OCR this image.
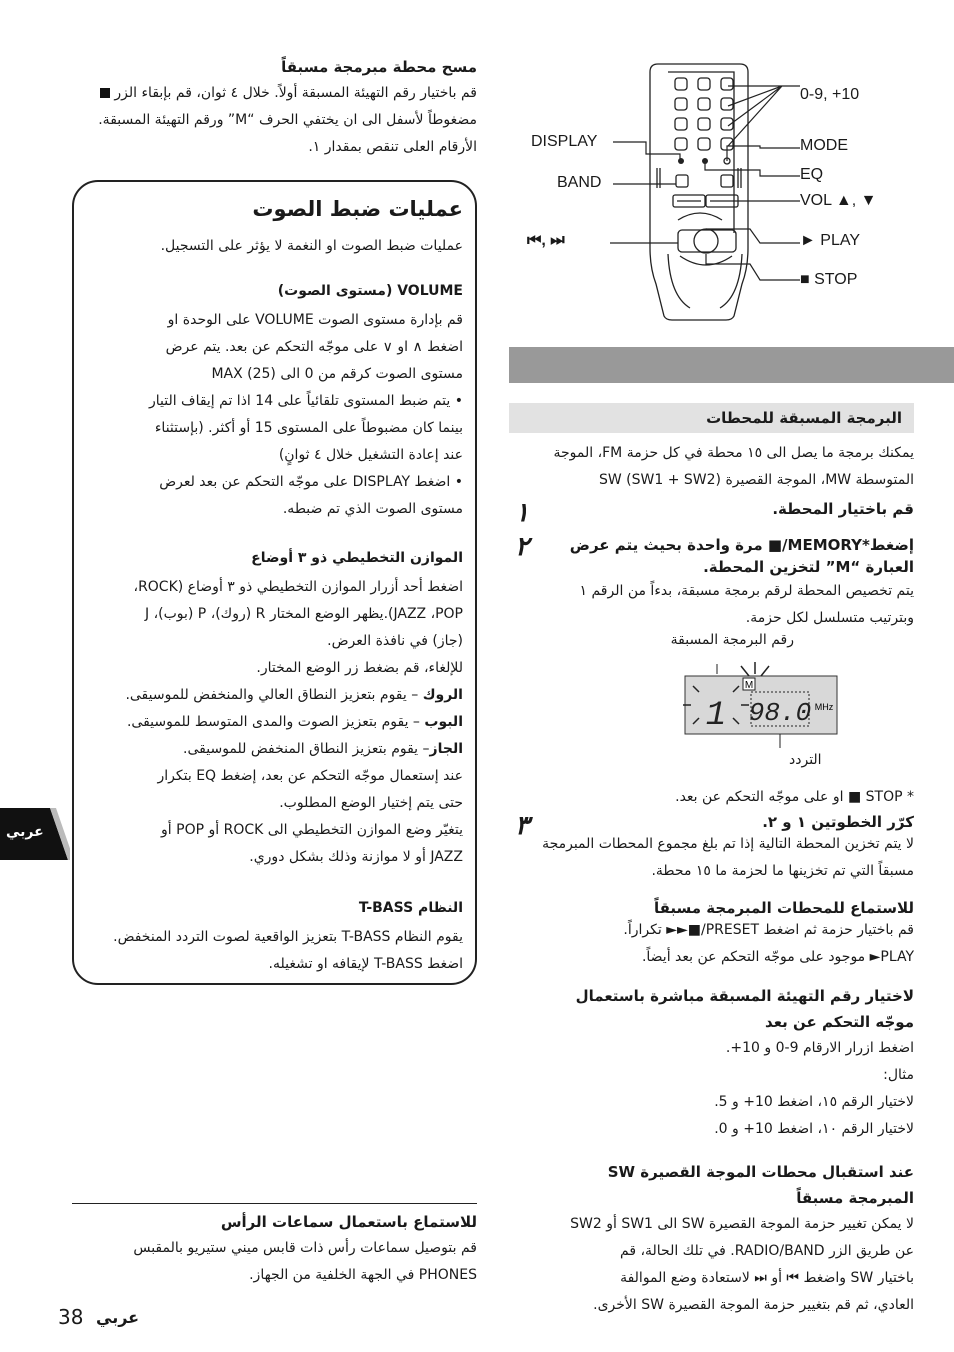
مسح محطة مبرمجة مسبقاً

قم باختيار رقم التهيئة المسبقة أولاً. خلال ٤ ثوان، قم بإبقاء الزر

مضغوطاً لأسفل الى ان يختفي الحرف “M” ورقم التهيئة المسبقة.

الأرقام العلى تنقص بمقدار ١.

عمليات ضبط الصوت

عمليات ضبط الصوت او النغمة لا يؤثر على التسجيل.

VOLUME (مستوى الصوت)

قم بإدارة مستوى الصوت VOLUME على الوحدة او

اضغط ∧ او ∨ على موجّه التحكم عن بعد. يتم عرض

مستوى الصوت كرقم من 0 الى MAX (25)

• يتم ضبط المستوى تلقائياً على 14 اذا تم إيقاف التيار
بينما كان مضبوطاً على المستوى 15 أو أكثر. (بإستثناء
عند إعادة التشغيل خلال ٤ ثوانٍ)
• اضغط DISPLAY على موجّه التحكم عن بعد لعرض
مستوى الصوت الذي تم ضبطه.

الموازن التخطيطي ذو ٣ أوضاع

اضغط أحد أزرار الموازن التخطيطي ذو ٣ أوضاع (ROCK،

JAZZ ،POP).يظهر الوضع المختار R (روك)، P (بوب)، J

(جاز) في نافذة العرض.

للإلغاء، قم بضغط زر الوضع المختار.

الروك – يقوم بتعزيز النطاق العالي والمنخفض للموسيقى.

البوب – يقوم بتعزيز الصوت والمدى المتوسط للموسيقى.

الجاز– يقوم بتعزيز النطاق المنخفض للموسيقى.

عند إستعمال موجّه التحكم عن بعد، إضغط EQ بتكرار

حتى يتم إختيار الوضع المطلوب.

يتغيّر وضع الموازن التخطيطي الى ROCK أو POP أو

JAZZ أو لا موازنة وذلك بشكل دوري.

النظام T-BASS

يقوم النظام T-BASS بتعزيز الواقعية لصوت التردد المنخفض.

اضغط T-BASS لإيقافه او تشغيله.

عربي

للاستماع باستعمال سماعات الرأس

قم بتوصيل سماعات رأس ذات قابس ميني ستيريو بالمقبس

PHONES في الجهة الخلفية من الجهاز.

38 عربي
0-9, +10
DISPLAY	MODE
EQ
BAND
VOL ▲, ▼
⏮, ⏭	► PLAY
■ STOP
البرمجة المسبقة للمحطات

يمكنك برمجة ما يصل الى ١٥ محطة في كل حزمة FM، الموجة

المتوسطة MW، الموجة القصيرة SW (SW1 + SW2)

١	قم باختيار المحطة.

٢	إضغط*MEMORY/■ مرة واحدة بحيث يتم عرض

العبارة “M” لتخزين المحطة.

يتم تخصيص المحطة لرقم برمجة مسبقة، بدءاً من الرقم ١

وبترتيب متسلسل لكل حزمة.

رقم البرمجة المسبقة
M
1 98.0 MHz
التردد

* STOP ■ او على موجّه التحكم عن بعد.

٣	كرّر الخطوتين ١ و ٢.

لا يتم تخزين المحطة التالية إذا تم بلغ مجموع المحطات المبرمجة

مسبقاً التي تم تخزينها ما لحزمة ما ١٥ محطة.

للاستماع للمحطات المبرمجة مسبقاً

قم باختيار حزمة ثم اضغط PRESET/■►► تكراراً.

PLAY► موجود على موجّه التحكم عن بعد أيضاً.

لاختيار رقم التهيئة المسبقة مباشرة باستعمال

موجّه التحكم عن بعد

اضغط ازرار الارقام 9-0 و 10+.

مثال:

لاختيار الرقم ١٥، اضغط 10+ و 5.

لاختيار الرقم ١٠، اضغط 10+ و 0.

عند استقبال محطات الموجة القصيرة SW

المبرمجة مسبقاً

لا يمكن تغيير حزمة الموجة القصيرة SW الى SW1 أو SW2

عن طريق الزر RADIO/BAND. في تلك الحالة، قم

باختيار SW واضغط ⏮ أو ⏭ لاستعادة وضع الموالفة

العادي، ثم قم بتغيير حزمة الموجة القصيرة SW الأخرى.
